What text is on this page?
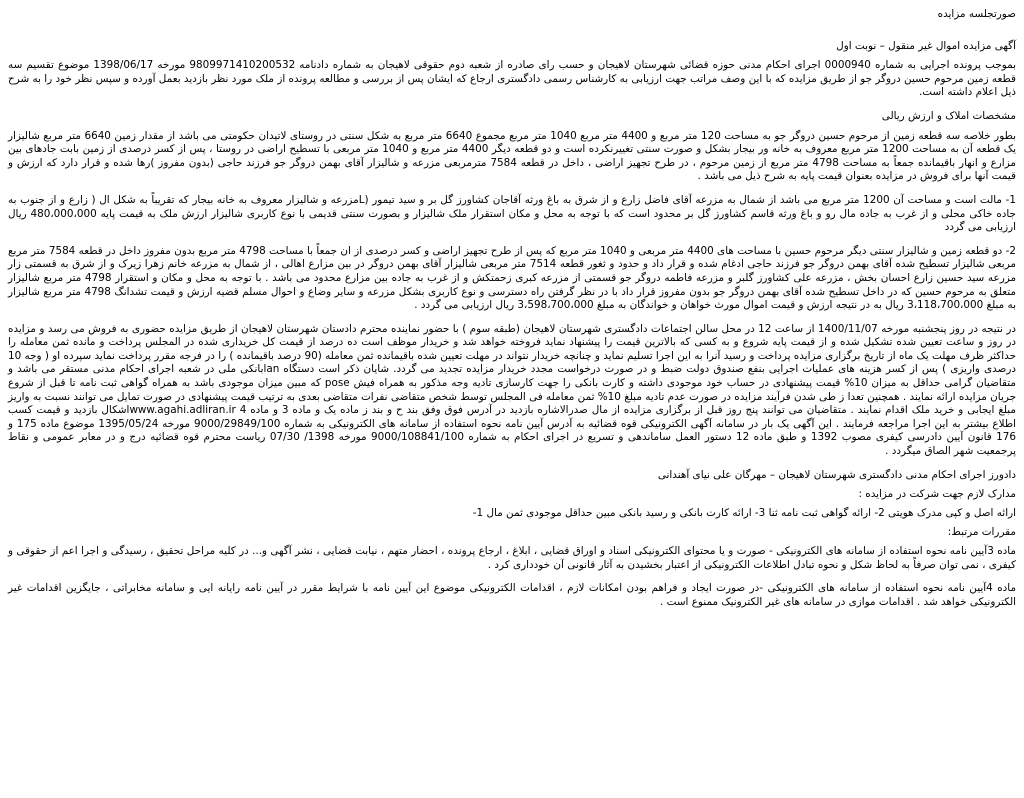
صورتجلسه مزایده
آگهی مزایده اموال غیر منقول – نوبت اول

بموجب پرونده اجرایی به شماره 0000940 اجرای احکام مدنی حوزه قضائی شهرستان لاهیجان و حسب رای صادره از شعبه دوم حقوقی لاهیجان به شماره دادنامه 9809971410200532 مورخه 1398/06/17 موضوع تقسیم سه قطعه زمین مرحوم حسین دروگر جو از طریق مزایده که با این وصف مراتب جهت ارزیابی به کارشناس رسمی دادگستری ارجاع که ایشان پس از بررسی و مطالعه پرونده از ملک مورد نظر بازدید بعمل آورده و سپس نظر خود را به شرح ذیل اعلام داشته است.

مشخصات املاک و ارزش ریالی

بطور خلاصه سه قطعه زمین از مرحوم حسین دروگر جو به مساحت 120 متر مربع و 4400 متر مربع 1040 متر مربع مجموع 6640 متر مربع به شکل سنتی در روستای لاتیدان حکومتی می باشد از مقدار زمین 6640 متر مربع شالیزار یک قطعه آن به مساحت 1200 متر مربع معروف به خانه ور بیجار بشکل و صورت سنتی تغییرنکرده است و دو قطعه دیگر 4400 متر مربع و 1040 متر مربعی با تسطیح اراضی در روستا ، پس از کسر درصدی از زمین بابت جادهای بین مزارع و انهار باقیمانده جمعاً به مساحت 4798 متر مربع از زمین مرحوم ، در طرح تجهیز اراضی ، داخل در قطعه 7584 مترمربعی مزرعه و شالیزار آقای بهمن دروگر جو فرزند حاجی (بدون مفروز )رها شده و قرار دارد که ارزش و قیمت آنها برای فروش در مزایده بعنوان قیمت پایه به شرح ذیل می باشد .

1- مالت است و مساحت آن 1200 متر مربع می باشد از شمال به مزرعه آقای فاضل زارع و از شرق به باغ ورثه آقاجان کشاورز گل بر و سید تیمور (Lمزرعه و شالیزار معروف به خانه بیجار که تقریباً به شکل ال ( زارع و از جنوب به جاده خاکی محلی و از غرب به جاده مال رو و باغ ورثه قاسم کشاورز گل بر محدود است که با توجه به محل و مکان استقرار ملک شالیزار و بصورت سنتی قدیمی با نوع کاربری شالیزار ارزش ملک به قیمت پایه 480،000،000 ریال ارزیابی می گردد

2- دو قطعه زمین و شالیزار سنتی دیگر مرحوم حسین با مساحت های 4400 متر مربعی و 1040 متر مربع که پس از طرح تجهیز اراضی و کسر درصدی از ان جمعاً با مساحت 4798 متر مربع بدون مفروز داخل در قطعه 7584 متر مربع مربعی شالیزار تسطیح شده آقای بهمن دروگر جو فرزند حاجی ادغام شده و قرار داد و حدود و ثغور قطعه 7514 متر مربعی شالیزار آقای بهمن دروگر در بین مزارع اهالی ، از شمال به مزرعه خانم زهرا زیرک و از شرق به قسمتی زار مزرعه سید حسین زارع احسان بخش ، مزرعه علی کشاورز گلبر و مزرعه فاطمه دروگر جو قسمتی از مزرعه کبری زحمتکش و از غرب به جاده بین مزارع محدود می باشد . با توجه به محل و مکان و استقرار 4798 متر مربع شالیزار متعلق به مرحوم حسین که در داخل تسطیح شده آقای بهمن دروگر جو بدون مفروز قرار داد با در نظر گرفتن راه دسترسی و نوع کاربری بشکل مزرعه و سایر وضاع و احوال مسلم قضیه ارزش و قیمت تشدانگ 4798 متر مربع شالیزار به مبلغ 3،118،700،000 ریال به در نتیجه ارزش و قیمت اموال مورث خواهان و خواندگان به مبلغ 3،598،700،000 ریال ارزیابی می گردد .

در نتیجه در روز پنجشنبه مورخه 1400/11/07 از ساعت 12 در محل سالن اجتماعات دادگستری شهرستان لاهیجان (طبقه سوم ) با حضور نماینده محترم دادستان شهرستان لاهیجان از طریق مزایده حضوری به فروش می رسد و مزایده در روز و ساعت تعیین شده تشکیل شده و از قیمت پایه شروع و به کسی که بالاترین قیمت را پیشنهاد نماید فروخته خواهد شد و خریدار موظف است ده درصد از قیمت کل خریداری شده در المجلس پرداخت و مانده ثمن معامله را حداکثر ظرف مهلت یک ماه از تاریخ برگزاری مزایده پرداخت و رسید آنرا به این اجرا تسلیم نماید و چنانچه خریدار نتواند در مهلت تعیین شده باقیمانده ثمن معامله (90 درصد باقیمانده ) را در فرجه مقرر پرداخت نماید سپرده او ( وجه 10 درصدی واریزی ) پس از کسر هزینه های عملیات اجرایی بنفع صندوق دولت ضبط و در صورت درخواست مجدد خریدار مزایده تجدید می گردد. شایان ذکر است دستگاه lanبانکی ملی در شعبه اجرای احکام مدنی مستقر می باشد و متقاضیان گرامی حداقل به میزان 10% قیمت پیشنهادی در حساب خود موجودی داشته و کارت بانکی را جهت کارسازی تادیه وجه مذکور به همراه فیش pose که مبین میزان موجودی باشد به همراه گواهی ثبت نامه تا قبل از شروع جریان مزایده ارائه نمایند . همچنین تعدا ز طی شدن فرآیند مزایده در صورت عدم تادیه مبلغ 10% ثمن معامله فی المجلس توسط شخص متقاضی نفرات متقاضی بعدی به ترتیب قیمت پیشنهادی در صورت تمایل می توانند نسبت به واریز مبلغ ایجابی و خرید ملک اقدام نمایند . متقاضیان می توانند پنج روز قبل از برگزاری مزایده از مال صدرالاشاره بازدید در آدرس فوق وفق بند ح و بند ز ماده یک و ماده 3 و ماده 4 www.agahi.adliran.irاشکال بازدید و قیمت کسب اطلاع بیشتر به این اجرا مراجعه فرمایند . این آگهی یک بار در سامانه آگهی الکترونیکی قوه قضائیه به آدرس آیین نامه نحوه استفاده از سامانه های الکترونیکی به شماره 9000/29849/100 مورخه 1395/05/24 موضوع ماده 175 و 176 قانون آیین دادرسی کیفری مصوب 1392 و طبق ماده 12 دستور العمل ساماندهی و تسریع در اجرای احکام به شماره 9000/108841/100 مورخه 1398/ 07/30 ریاست محترم قوه قضائیه درج و در معابر عمومی و نقاط پرجمعیت شهر الصاق میگردد .

دادورز اجرای احکام مدنی دادگستری شهرستان لاهیجان – مهرگان علی نیای آهندانی
مدارک لازم جهت شرکت در مزایده :
ارائه اصل و کپی مدرک هویتی 2- ارائه گواهی ثبت نامه ثنا 3- ارائه کارت بانکی و رسید بانکی مبین حداقل موجودی ثمن مال 1-
مقررات مرتبط:

ماده 3آیین نامه نحوه استفاده از سامانه های الکترونیکی - صورت و یا محتوای الکترونیکی اسناد و اوراق قضایی ، ابلاغ ، ارجاع پرونده ، احضار متهم ، نیابت قضایی ، نشر آگهی و... در کلیه مراحل تحقیق ، رسیدگی و اجرا اعم از حقوقی و کیفری ، نمی توان صرفاً به لحاظ شکل و نحوه تبادل اطلاعات الکترونیکی از اعتبار بخشیدن به آثار قانونی آن خودداری کرد .

ماده 4آیین نامه نحوه استفاده از سامانه های الکترونیکی -در صورت ایجاد و فراهم بودن امکانات لازم ، اقدامات الکترونیکی موضوع این آیین نامه با شرایط مقرر در آیین نامه رایانه ایی و سامانه مخابراتی ، جایگزین اقدامات غیر الکترونیکی خواهد شد . اقدامات موازی در سامانه های غیر الکترونیک ممنوع است .
